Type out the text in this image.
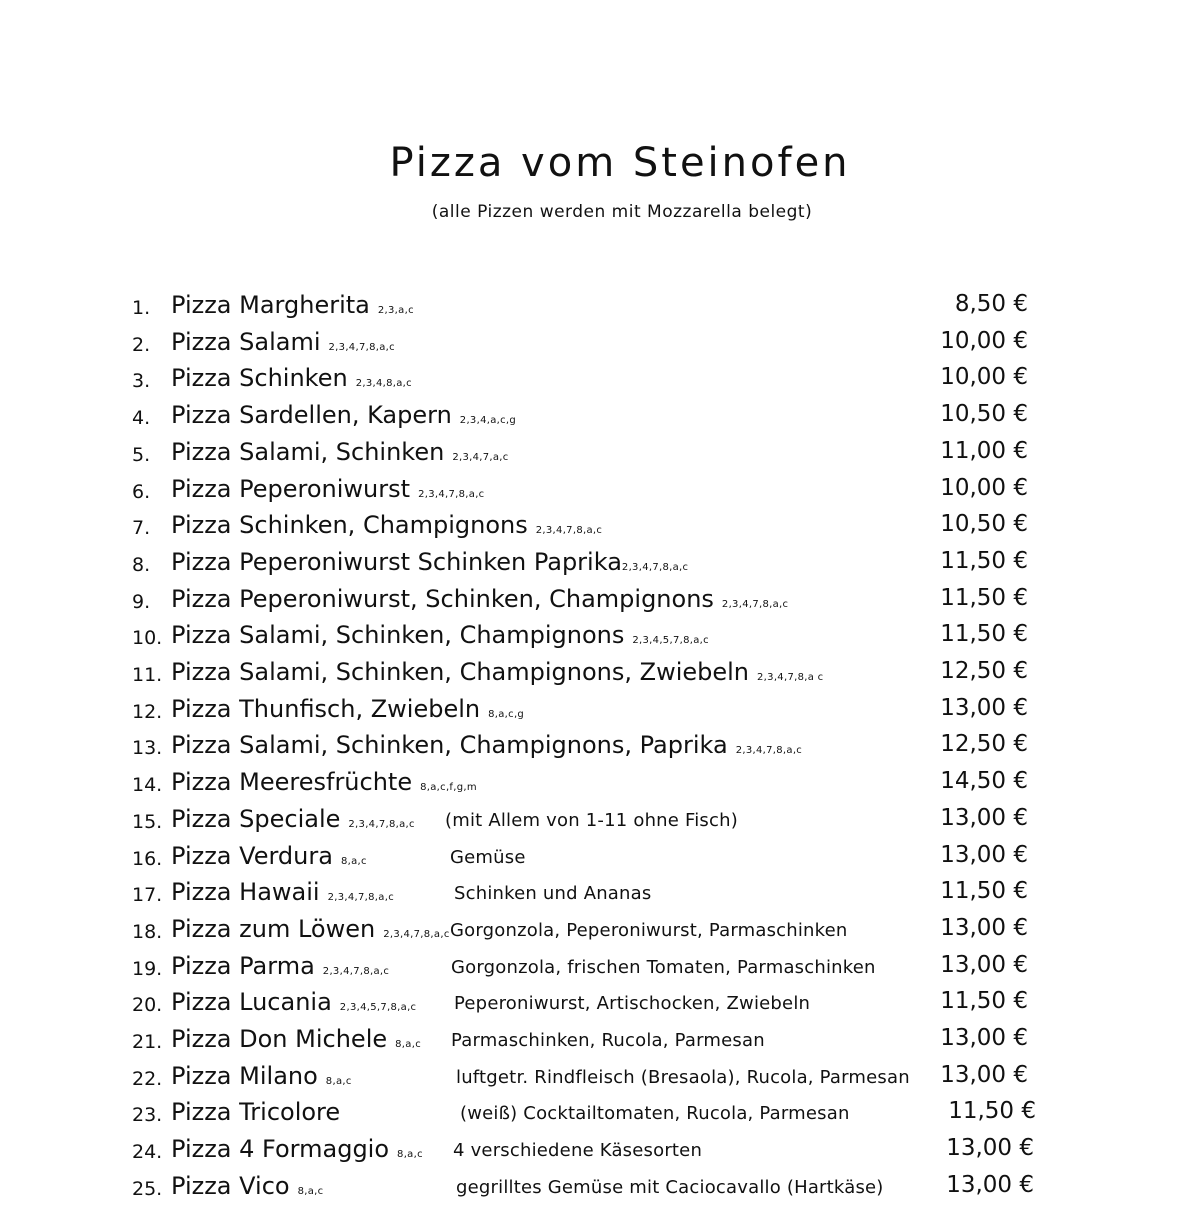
Pizza vom Steinofen
(alle Pizzen werden mit Mozzarella belegt)
1. Pizza Margherita 2,3,a,c	8,50 €
2. Pizza Salami 2,3,4,7,8,a,c	10,00 €
3. Pizza Schinken 2,3,4,8,a,c	10,00 €
4. Pizza Sardellen, Kapern 2,3,4,a,c,g	10,50 €
5. Pizza Salami, Schinken 2,3,4,7,a,c	11,00 €
6. Pizza Peperoniwurst 2,3,4,7,8,a,c	10,00 €
7. Pizza Schinken, Champignons 2,3,4,7,8,a,c	10,50 €
8. Pizza Peperoniwurst Schinken Paprika2,3,4,7,8,a,c	11,50 €
9. Pizza Peperoniwurst, Schinken, Champignons 2,3,4,7,8,a,c	11,50 €
10. Pizza Salami, Schinken, Champignons 2,3,4,5,7,8,a,c	11,50 €
11. Pizza Salami, Schinken, Champignons, Zwiebeln 2,3,4,7,8,a c	12,50 €
12. Pizza Thunfisch, Zwiebeln 8,a,c,g	13,00 €
13. Pizza Salami, Schinken, Champignons, Paprika 2,3,4,7,8,a,c	12,50 €
14. Pizza Meeresfrüchte 8,a,c,f,g,m	14,50 €
15. Pizza Speciale 2,3,4,7,8,a,c (mit Allem von 1-11 ohne Fisch)	13,00 €
16. Pizza Verdura 8,a,c	Gemüse	13,00 €
17. Pizza Hawaii 2,3,4,7,8,a,c	Schinken und Ananas	11,50 €
18. Pizza zum Löwen 2,3,4,7,8,a,c Gorgonzola, Peperoniwurst, Parmaschinken	13,00 €
19. Pizza Parma 2,3,4,7,8,a,c	Gorgonzola, frischen Tomaten, Parmaschinken	13,00 €
20. Pizza Lucania 2,3,4,5,7,8,a,c Peperoniwurst, Artischocken, Zwiebeln	11,50 €
21. Pizza Don Michele 8,a,c Parmaschinken, Rucola, Parmesan	13,00 €
22. Pizza Milano 8,a,c	luftgetr. Rindfleisch (Bresaola), Rucola, Parmesan 13,00 €
23. Pizza Tricolore	(weiß) Cocktailtomaten, Rucola, Parmesan	11,50 €
24. Pizza 4 Formaggio 8,a,c 4 verschiedene Käsesorten	13,00 €
25. Pizza Vico 8,a,c	gegrilltes Gemüse mit Caciocavallo (Hartkäse)	13,00 €
